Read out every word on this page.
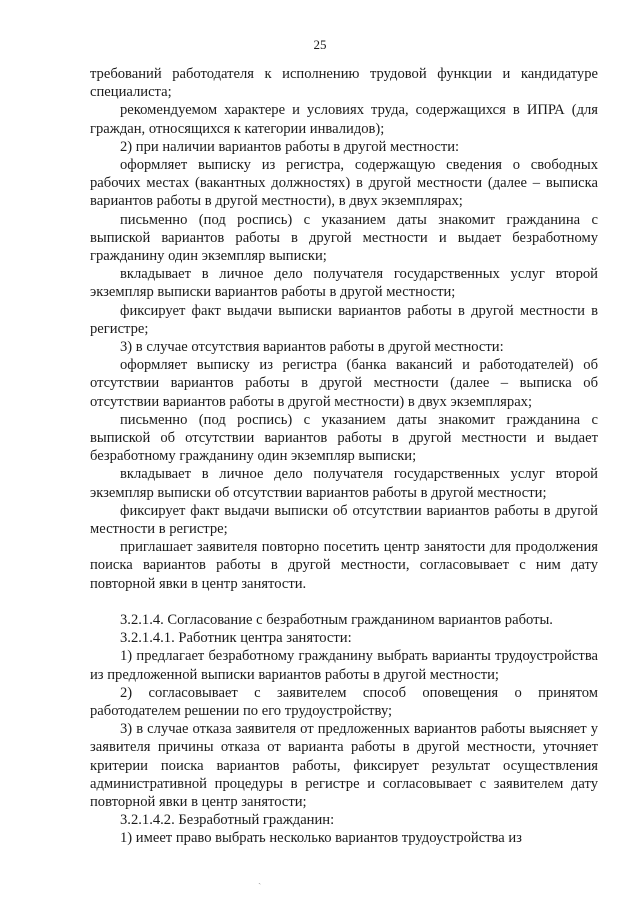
25

требований работодателя к исполнению трудовой функции и кандидатуре специалиста;

рекомендуемом характере и условиях труда, содержащихся в ИПРА (для граждан, относящихся к категории инвалидов);

2) при наличии вариантов работы в другой местности:

оформляет выписку из регистра, содержащую сведения о свободных рабочих местах (вакантных должностях) в другой местности (далее – выписка вариантов работы в другой местности), в двух экземплярах;

письменно (под роспись) с указанием даты знакомит гражданина с выпиской вариантов работы в другой местности и выдает безработному гражданину один экземпляр выписки;

вкладывает в личное дело получателя государственных услуг второй экземпляр выписки вариантов работы в другой местности;

фиксирует факт выдачи выписки вариантов работы в другой местности в регистре;

3) в случае отсутствия вариантов работы в другой местности:

оформляет выписку из регистра (банка вакансий и работодателей) об отсутствии вариантов работы в другой местности (далее – выписка об отсутствии вариантов работы в другой местности) в двух экземплярах;

письменно (под роспись) с указанием даты знакомит гражданина с выпиской об отсутствии вариантов работы в другой местности и выдает безработному гражданину один экземпляр выписки;

вкладывает в личное дело получателя государственных услуг второй экземпляр выписки об отсутствии вариантов работы в другой местности;

фиксирует факт выдачи выписки об отсутствии вариантов работы в другой местности в регистре;

приглашает заявителя повторно посетить центр занятости для продолжения поиска вариантов работы в другой местности, согласовывает с ним дату повторной явки в центр занятости.

3.2.1.4. Согласование с безработным гражданином вариантов работы.

3.2.1.4.1. Работник центра занятости:

1) предлагает безработному гражданину выбрать варианты трудоустройства из предложенной выписки вариантов работы в другой местности;

2) согласовывает с заявителем способ оповещения о принятом работодателем решении по его трудоустройству;

3) в случае отказа заявителя от предложенных вариантов работы выясняет у заявителя причины отказа от варианта работы в другой местности, уточняет критерии поиска вариантов работы, фиксирует результат осуществления административной процедуры в регистре и согласовывает с заявителем дату повторной явки в центр занятости;

3.2.1.4.2. Безработный гражданин:

1) имеет право выбрать несколько вариантов трудоустройства из

ˎ
